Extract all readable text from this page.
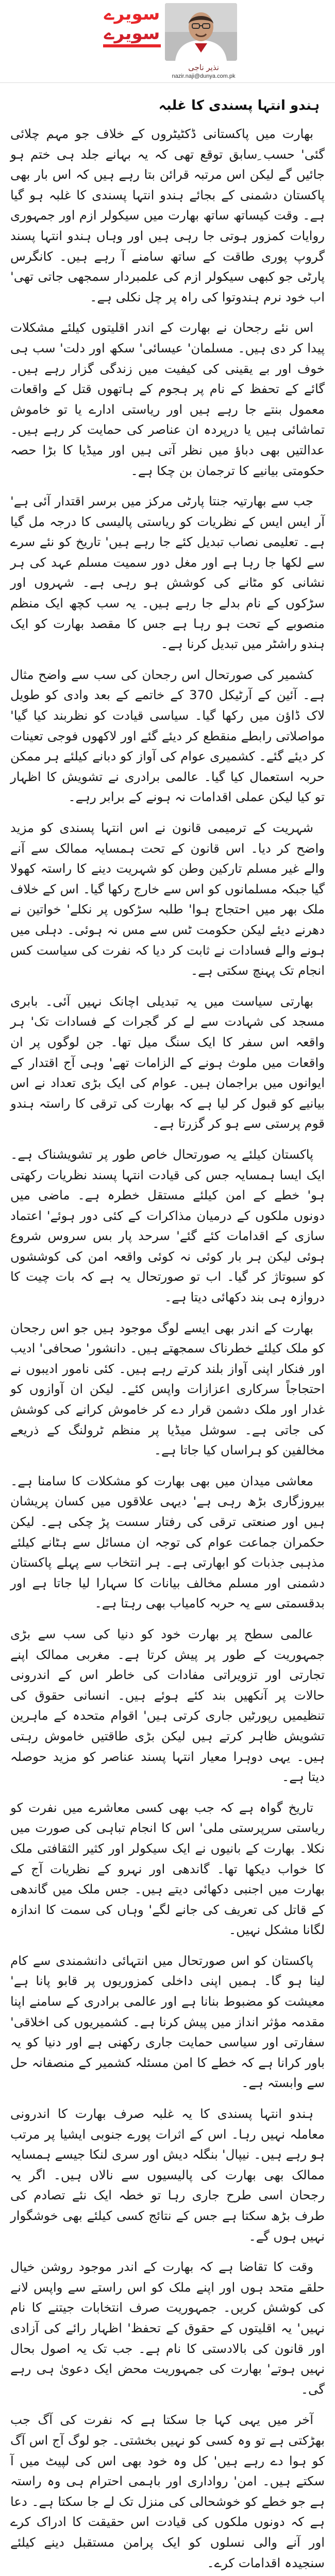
سویرے
سویرے
نذیر ناجی
nazir.naji@dunya.com.pk
ہندو انتہا پسندی کا غلبہ

بھارت میں پاکستانی ڈکٹیٹروں کے خلاف جو مہم چلائی گئی' حسب ِسابق توقع تھی کہ یہ بہانے جلد ہی ختم ہو جائیں گے لیکن اس مرتبہ قرائن بتا رہے ہیں کہ اس بار بھی پاکستان دشمنی کے بجائے ہندو انتہا پسندی کا غلبہ ہو گیا ہے۔ وقت کیساتھ ساتھ بھارت میں سیکولر ازم اور جمہوری روایات کمزور ہوتی جا رہی ہیں اور وہاں ہندو انتہا پسند گروپ پوری طاقت کے ساتھ سامنے آ رہے ہیں۔ کانگرس پارٹی جو کبھی سیکولر ازم کی علمبردار سمجھی جاتی تھی' اب خود نرم ہندوتوا کی راہ پر چل نکلی ہے۔

اس نئے رجحان نے بھارت کے اندر اقلیتوں کیلئے مشکلات پیدا کر دی ہیں۔ مسلمان' عیسائی' سکھ اور دلت' سب ہی خوف اور بے یقینی کی کیفیت میں زندگی گزار رہے ہیں۔ گائے کے تحفظ کے نام پر ہجوم کے ہاتھوں قتل کے واقعات معمول بنتے جا رہے ہیں اور ریاستی ادارے یا تو خاموش تماشائی ہیں یا درپردہ ان عناصر کی حمایت کر رہے ہیں۔ عدالتیں بھی دباؤ میں نظر آتی ہیں اور میڈیا کا بڑا حصہ حکومتی بیانیے کا ترجمان بن چکا ہے۔

جب سے بھارتیہ جنتا پارٹی مرکز میں برسر اقتدار آئی ہے' آر ایس ایس کے نظریات کو ریاستی پالیسی کا درجہ مل گیا ہے۔ تعلیمی نصاب تبدیل کئے جا رہے ہیں' تاریخ کو نئے سرے سے لکھا جا رہا ہے اور مغل دور سمیت مسلم عہد کی ہر نشانی کو مٹانے کی کوشش ہو رہی ہے۔ شہروں اور سڑکوں کے نام بدلے جا رہے ہیں۔ یہ سب کچھ ایک منظم منصوبے کے تحت ہو رہا ہے جس کا مقصد بھارت کو ایک ہندو راشٹر میں تبدیل کرنا ہے۔

کشمیر کی صورتحال اس رجحان کی سب سے واضح مثال ہے۔ آئین کے آرٹیکل 370 کے خاتمے کے بعد وادی کو طویل لاک ڈاؤن میں رکھا گیا۔ سیاسی قیادت کو نظربند کیا گیا' مواصلاتی رابطے منقطع کر دیئے گئے اور لاکھوں فوجی تعینات کر دیئے گئے۔ کشمیری عوام کی آواز کو دبانے کیلئے ہر ممکن حربہ استعمال کیا گیا۔ عالمی برادری نے تشویش کا اظہار تو کیا لیکن عملی اقدامات نہ ہونے کے برابر رہے۔

شہریت کے ترمیمی قانون نے اس انتہا پسندی کو مزید واضح کر دیا۔ اس قانون کے تحت ہمسایہ ممالک سے آنے والے غیر مسلم تارکین وطن کو شہریت دینے کا راستہ کھولا گیا جبکہ مسلمانوں کو اس سے خارج رکھا گیا۔ اس کے خلاف ملک بھر میں احتجاج ہوا' طلبہ سڑکوں پر نکلے' خواتین نے دھرنے دیئے لیکن حکومت ٹس سے مس نہ ہوئی۔ دہلی میں ہونے والے فسادات نے ثابت کر دیا کہ نفرت کی سیاست کس انجام تک پہنچ سکتی ہے۔

بھارتی سیاست میں یہ تبدیلی اچانک نہیں آئی۔ بابری مسجد کی شہادت سے لے کر گجرات کے فسادات تک' ہر واقعہ اس سفر کا ایک سنگ میل تھا۔ جن لوگوں پر ان واقعات میں ملوث ہونے کے الزامات تھے' وہی آج اقتدار کے ایوانوں میں براجمان ہیں۔ عوام کی ایک بڑی تعداد نے اس بیانیے کو قبول کر لیا ہے کہ بھارت کی ترقی کا راستہ ہندو قوم پرستی سے ہو کر گزرتا ہے۔

پاکستان کیلئے یہ صورتحال خاص طور پر تشویشناک ہے۔ ایک ایسا ہمسایہ جس کی قیادت انتہا پسند نظریات رکھتی ہو' خطے کے امن کیلئے مستقل خطرہ ہے۔ ماضی میں دونوں ملکوں کے درمیان مذاکرات کے کئی دور ہوئے' اعتماد سازی کے اقدامات کئے گئے' سرحد پار بس سروس شروع ہوئی لیکن ہر بار کوئی نہ کوئی واقعہ امن کی کوششوں کو سبوتاژ کر گیا۔ اب تو صورتحال یہ ہے کہ بات چیت کا دروازہ ہی بند دکھائی دیتا ہے۔

بھارت کے اندر بھی ایسے لوگ موجود ہیں جو اس رجحان کو ملک کیلئے خطرناک سمجھتے ہیں۔ دانشور' صحافی' ادیب اور فنکار اپنی آواز بلند کرتے رہے ہیں۔ کئی نامور ادیبوں نے احتجاجاً سرکاری اعزازات واپس کئے۔ لیکن ان آوازوں کو غدار اور ملک دشمن قرار دے کر خاموش کرانے کی کوشش کی جاتی ہے۔ سوشل میڈیا پر منظم ٹرولنگ کے ذریعے مخالفین کو ہراساں کیا جاتا ہے۔

معاشی میدان میں بھی بھارت کو مشکلات کا سامنا ہے۔ بیروزگاری بڑھ رہی ہے' دیہی علاقوں میں کسان پریشان ہیں اور صنعتی ترقی کی رفتار سست پڑ چکی ہے۔ لیکن حکمران جماعت عوام کی توجہ ان مسائل سے ہٹانے کیلئے مذہبی جذبات کو ابھارتی ہے۔ ہر انتخاب سے پہلے پاکستان دشمنی اور مسلم مخالف بیانات کا سہارا لیا جاتا ہے اور بدقسمتی سے یہ حربہ کامیاب بھی رہتا ہے۔

عالمی سطح پر بھارت خود کو دنیا کی سب سے بڑی جمہوریت کے طور پر پیش کرتا ہے۔ مغربی ممالک اپنے تجارتی اور تزویراتی مفادات کی خاطر اس کے اندرونی حالات پر آنکھیں بند کئے ہوئے ہیں۔ انسانی حقوق کی تنظیمیں رپورٹیں جاری کرتی ہیں' اقوام متحدہ کے ماہرین تشویش ظاہر کرتے ہیں لیکن بڑی طاقتیں خاموش رہتی ہیں۔ یہی دوہرا معیار انتہا پسند عناصر کو مزید حوصلہ دیتا ہے۔

تاریخ گواہ ہے کہ جب بھی کسی معاشرے میں نفرت کو ریاستی سرپرستی ملی' اس کا انجام تباہی کی صورت میں نکلا۔ بھارت کے بانیوں نے ایک سیکولر اور کثیر الثقافتی ملک کا خواب دیکھا تھا۔ گاندھی اور نہرو کے نظریات آج کے بھارت میں اجنبی دکھائی دیتے ہیں۔ جس ملک میں گاندھی کے قاتل کی تعریف کی جانے لگے' وہاں کی سمت کا اندازہ لگانا مشکل نہیں۔

پاکستان کو اس صورتحال میں انتہائی دانشمندی سے کام لینا ہو گا۔ ہمیں اپنی داخلی کمزوریوں پر قابو پانا ہے' معیشت کو مضبوط بنانا ہے اور عالمی برادری کے سامنے اپنا مقدمہ مؤثر انداز میں پیش کرنا ہے۔ کشمیریوں کی اخلاقی' سفارتی اور سیاسی حمایت جاری رکھنی ہے اور دنیا کو یہ باور کرانا ہے کہ خطے کا امن مسئلہ کشمیر کے منصفانہ حل سے وابستہ ہے۔

ہندو انتہا پسندی کا یہ غلبہ صرف بھارت کا اندرونی معاملہ نہیں رہا۔ اس کے اثرات پورے جنوبی ایشیا پر مرتب ہو رہے ہیں۔ نیپال' بنگلہ دیش اور سری لنکا جیسے ہمسایہ ممالک بھی بھارت کی پالیسیوں سے نالاں ہیں۔ اگر یہ رجحان اسی طرح جاری رہا تو خطہ ایک نئے تصادم کی طرف بڑھ سکتا ہے جس کے نتائج کسی کیلئے بھی خوشگوار نہیں ہوں گے۔

وقت کا تقاضا ہے کہ بھارت کے اندر موجود روشن خیال حلقے متحد ہوں اور اپنے ملک کو اس راستے سے واپس لانے کی کوشش کریں۔ جمہوریت صرف انتخابات جیتنے کا نام نہیں' یہ اقلیتوں کے حقوق کے تحفظ' اظہار رائے کی آزادی اور قانون کی بالادستی کا نام ہے۔ جب تک یہ اصول بحال نہیں ہوتے' بھارت کی جمہوریت محض ایک دعویٰ ہی رہے گی۔

آخر میں یہی کہا جا سکتا ہے کہ نفرت کی آگ جب بھڑکتی ہے تو وہ کسی کو نہیں بخشتی۔ جو لوگ آج اس آگ کو ہوا دے رہے ہیں' کل وہ خود بھی اس کی لپیٹ میں آ سکتے ہیں۔ امن' رواداری اور باہمی احترام ہی وہ راستہ ہے جو خطے کو خوشحالی کی منزل تک لے جا سکتا ہے۔ دعا ہے کہ دونوں ملکوں کی قیادت اس حقیقت کا ادراک کرے اور آنے والی نسلوں کو ایک پرامن مستقبل دینے کیلئے سنجیدہ اقدامات کرے۔
